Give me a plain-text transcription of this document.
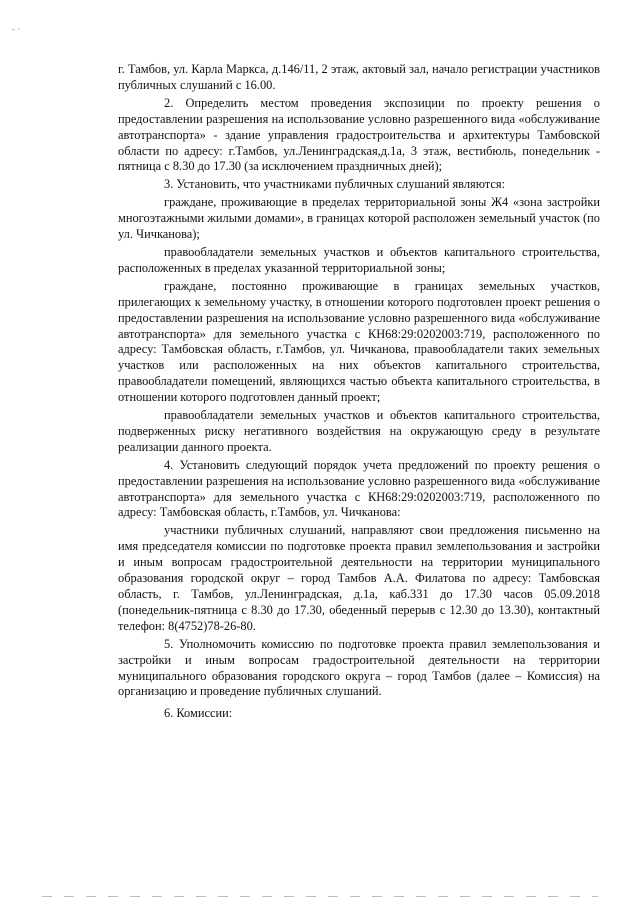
- ·

г. Тамбов, ул. Карла Маркса, д.146/11, 2 этаж, актовый зал, начало регистрации участников публичных слушаний с 16.00.

2. Определить местом проведения экспозиции по проекту решения о предоставлении разрешения на использование условно разрешенного вида «обслуживание автотранспорта» - здание управления градостроительства и архитектуры Тамбовской области по адресу: г.Тамбов, ул.Ленинградская,д.1а, 3 этаж, вестибюль, понедельник - пятница с 8.30 до 17.30 (за исключением праздничных дней);

3. Установить, что участниками публичных слушаний являются:

граждане, проживающие в пределах территориальной зоны Ж4 «зона застройки многоэтажными жилыми домами», в границах которой расположен земельный участок (по ул. Чичканова);

правообладатели земельных участков и объектов капитального строительства, расположенных в пределах указанной территориальной зоны;

граждане, постоянно проживающие в границах земельных участков, прилегающих к земельному участку, в отношении которого подготовлен проект решения о предоставлении разрешения на использование условно разрешенного вида «обслуживание автотранспорта» для земельного участка с КН68:29:0202003:719, расположенного по адресу: Тамбовская область, г.Тамбов, ул. Чичканова, правообладатели таких земельных участков или расположенных на них объектов капитального строительства, правообладатели помещений, являющихся частью объекта капитального строительства, в отношении которого подготовлен данный проект;

правообладатели земельных участков и объектов капитального строительства, подверженных риску негативного воздействия на окружающую среду в результате реализации данного проекта.

4. Установить следующий порядок учета предложений по проекту решения о предоставлении разрешения на использование условно разрешенного вида «обслуживание автотранспорта» для земельного участка с КН68:29:0202003:719, расположенного по адресу: Тамбовская область, г.Тамбов, ул. Чичканова:

участники публичных слушаний, направляют свои предложения письменно на имя председателя комиссии по подготовке проекта правил землепользования и застройки и иным вопросам градостроительной деятельности на территории муниципального образования городской округ – город Тамбов А.А. Филатова по адресу: Тамбовская область, г. Тамбов, ул.Ленинградская, д.1а, каб.331 до 17.30 часов 05.09.2018 (понедельник-пятница с 8.30 до 17.30, обеденный перерыв с 12.30 до 13.30), контактный телефон: 8(4752)78-26-80.

5. Уполномочить комиссию по подготовке проекта правил землепользования и застройки и иным вопросам градостроительной деятельности на территории муниципального образования городского округа – город Тамбов (далее – Комиссия) на организацию и проведение публичных слушаний.

6. Комиссии:
